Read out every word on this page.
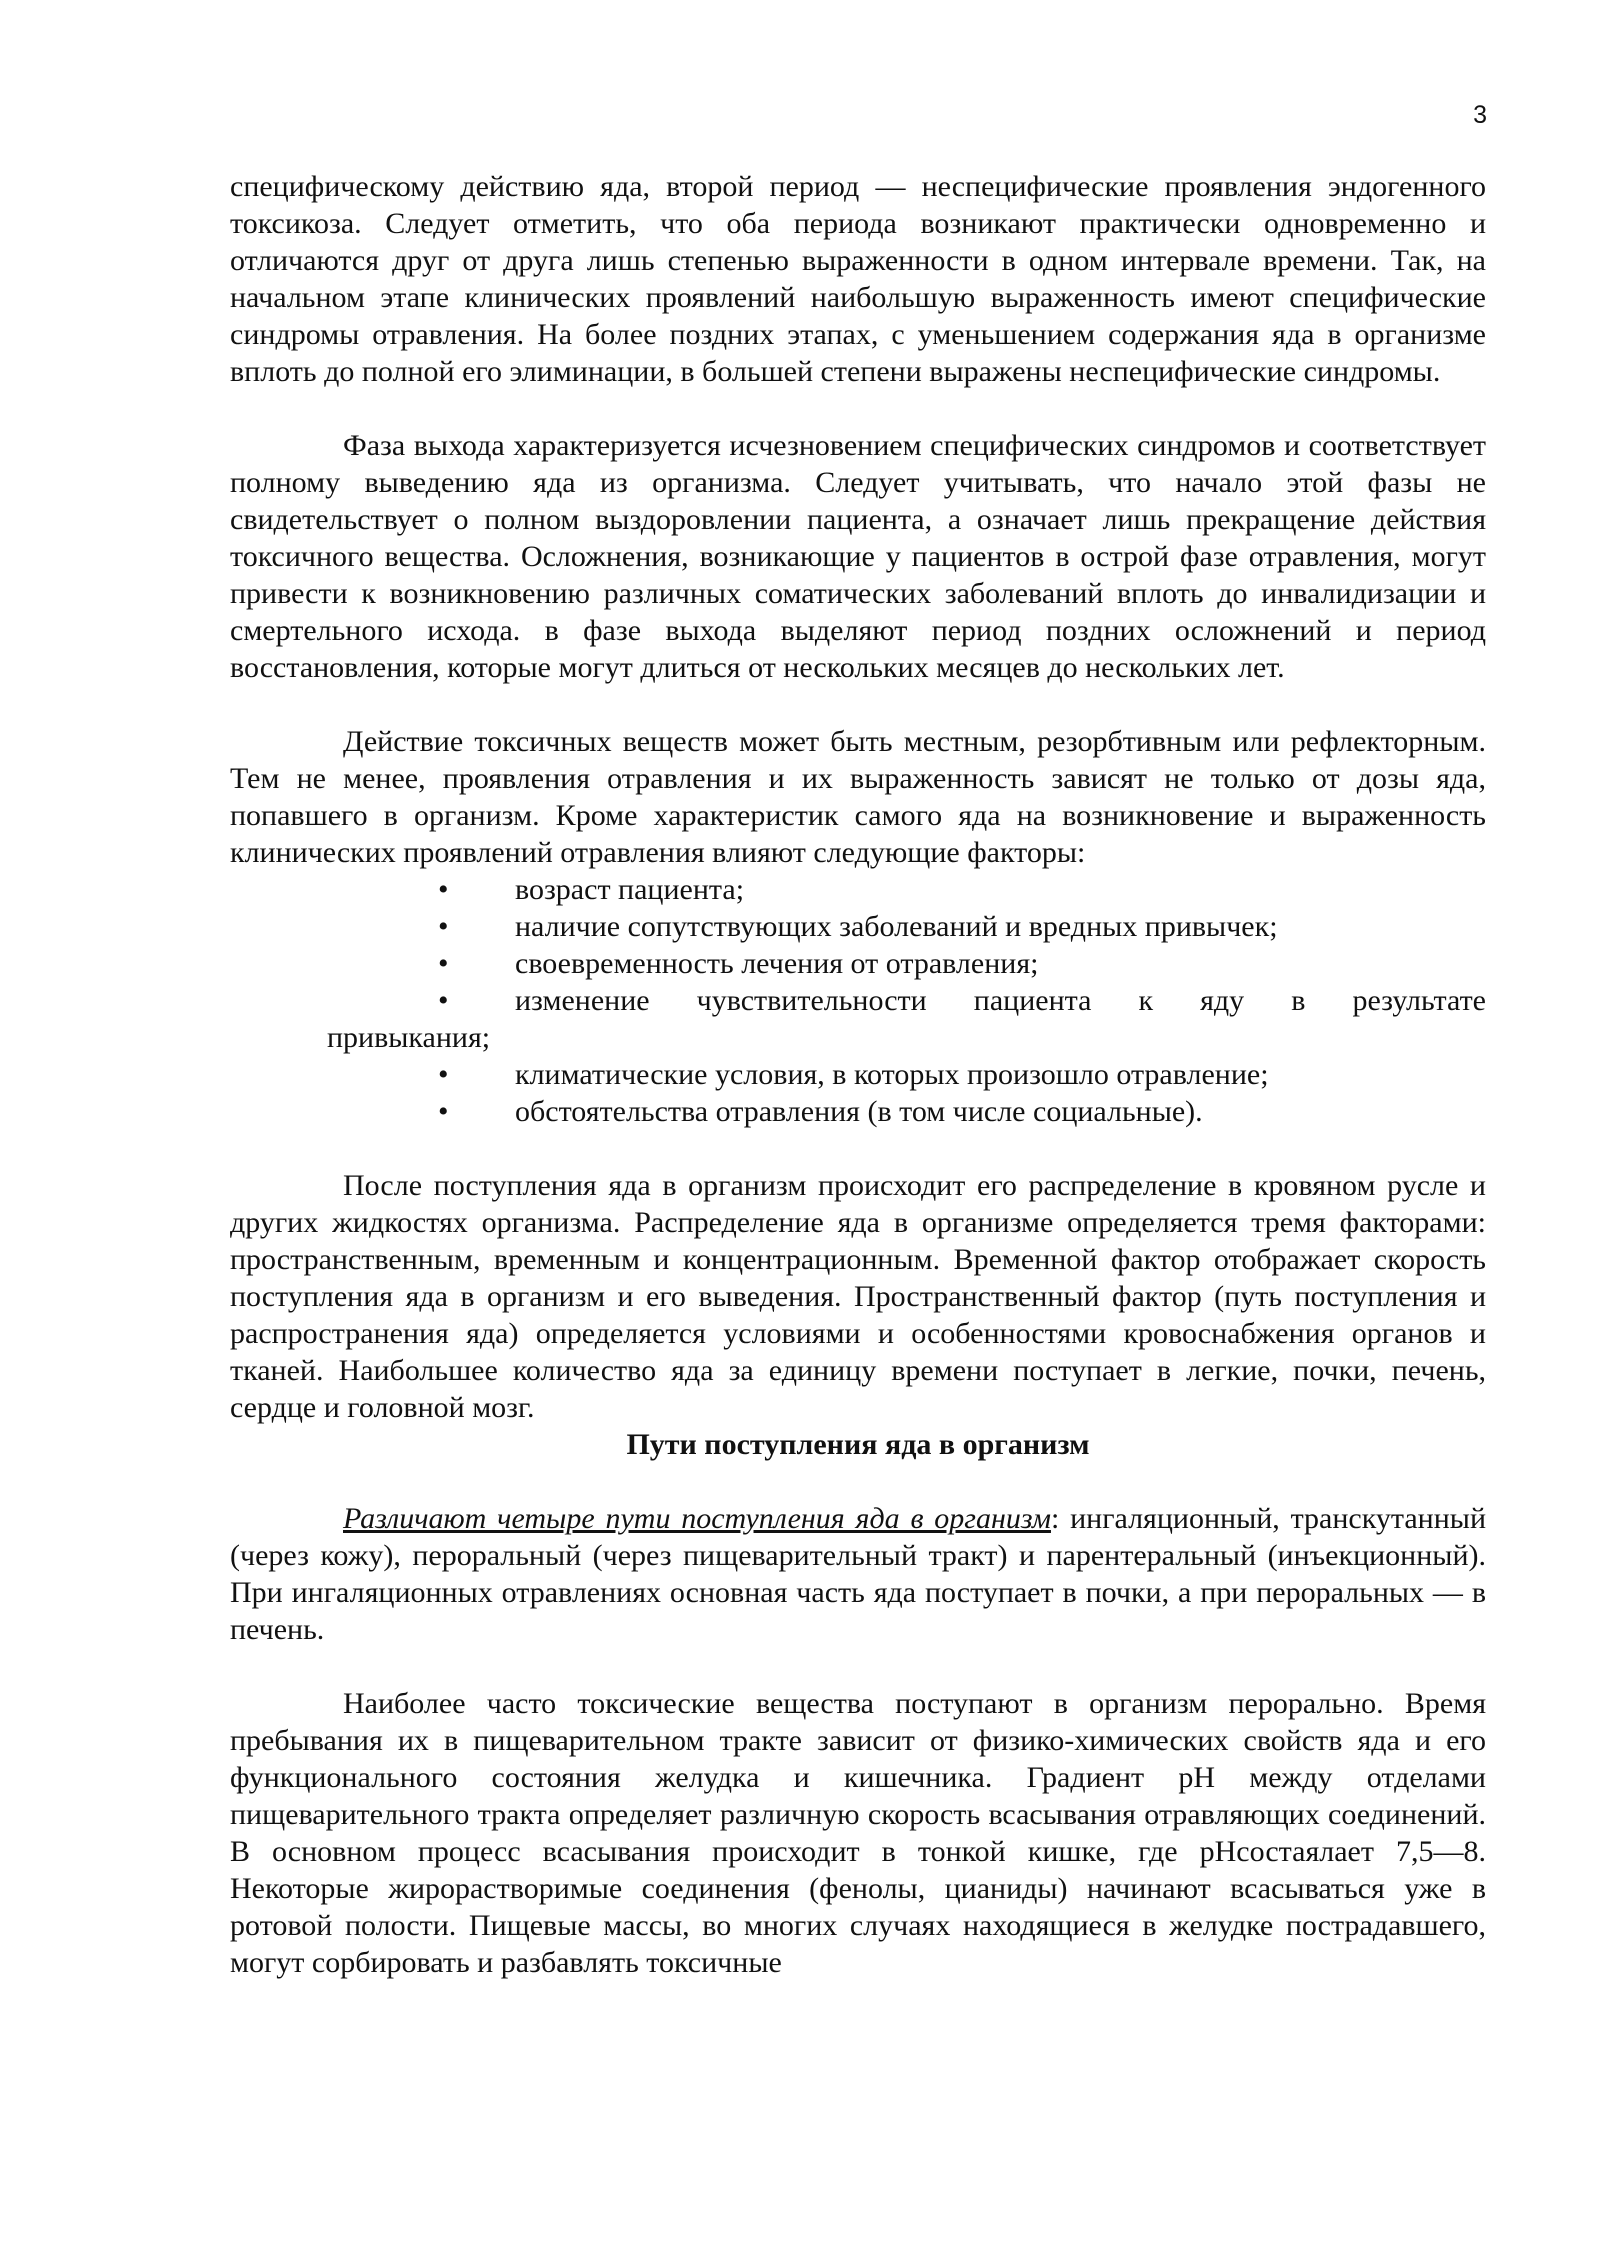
3

специфическому действию яда, второй период — неспецифические проявления эндогенного токсикоза. Следует отметить, что оба периода возникают практически одновременно и отличаются друг от друга лишь степенью выраженности в одном интервале времени. Так, на начальном этапе клинических проявлений наибольшую выраженность имеют специфические синдромы отравления. На более поздних этапах, с уменьшением содержания яда в организме вплоть до полной его элиминации, в большей степени выражены неспецифические синдромы.

Фаза выхода характеризуется исчезновением специфических синдромов и соответствует полному выведению яда из организма. Следует учитывать, что начало этой фазы не свидетельствует о полном выздоровлении пациента, а означает лишь прекращение действия токсичного вещества. Осложнения, возникающие у пациентов в острой фазе отравления, могут привести к возникновению различных соматических заболеваний вплоть до инвалидизации и смертельного исхода. в фазе выхода выделяют период поздних осложнений и период восстановления, которые могут длиться от нескольких месяцев до нескольких лет.

Действие токсичных веществ может быть местным, резорбтивным или рефлекторным. Тем не менее, проявления отравления и их выраженность зависят не только от дозы яда, попавшего в организм. Кроме характеристик самого яда на возникновение и выраженность клинических проявлений отравления влияют следующие факторы:

• возраст пациента;
• наличие сопутствующих заболеваний и вредных привычек;
• своевременность лечения от отравления;
•	изменение чувствительности пациента к яду в результате
привыкания;
• климатические условия, в которых произошло отравление;
• обстоятельства отравления (в том числе социальные).

После поступления яда в организм происходит его распределение в кровяном русле и других жидкостях организма. Распределение яда в организме определяется тремя факторами: пространственным, временным и концентрационным. Временной фактор отображает скорость поступления яда в организм и его выведения. Пространственный фактор (путь поступления и распространения яда) определяется условиями и особенностями кровоснабжения органов и тканей. Наибольшее количество яда за единицу времени поступает в легкие, почки, печень, сердце и головной мозг.

Пути поступления яда в организм

Различают четыре пути поступления яда в организм: ингаляционный, транскутанный (через кожу), пероральный (через пищеварительный тракт) и парентеральный (инъекционный). При ингаляционных отравлениях основная часть яда поступает в почки, а при пероральных — в печень.

Наиболее часто токсические вещества поступают в организм перорально. Время пребывания их в пищеварительном тракте зависит от физико-химических свойств яда и его функционального состояния желудка и кишечника. Градиент pH между отделами пищеварительного тракта определяет различную скорость всасывания отравляющих соединений. В основном процесс всасывания происходит в тонкой кишке, где pHсостаялает 7,5—8. Некоторые жирорастворимые соединения (фенолы, цианиды) начинают всасываться уже в ротовой полости. Пищевые массы, во многих случаях находящиеся в желудке пострадавшего, могут сорбировать и разбавлять токсичные
